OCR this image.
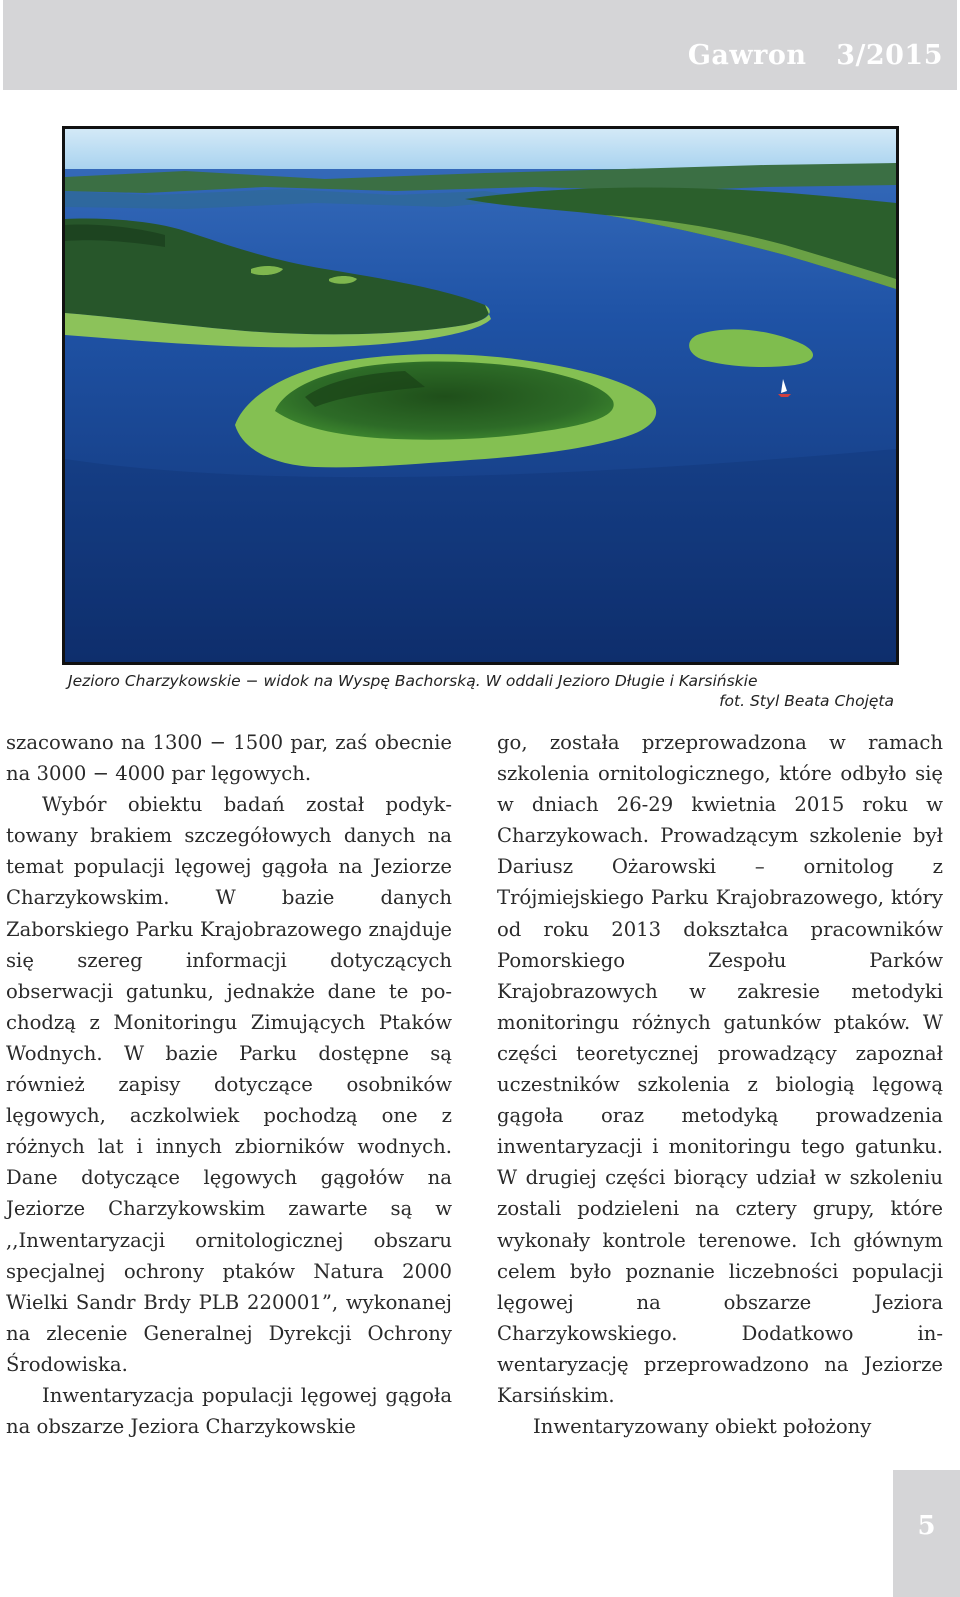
Gawron   3/2015
Jezioro Charzykowskie − widok na Wyspę Bachorską. W oddali Jezioro Długie i Karsińskie
fot. Styl Beata Chojęta

szacowano na 1300 − 1500 par, zaś obecnie na 3000 − 4000 par lęgowych.

Wybór obiektu badań został podyktowany brakiem szczegółowych danych na temat populacji lęgowej gągoła na Jeziorze Charzykowskim. W bazie danych Zaborskiego Parku Krajobrazowego znajduje się szereg informacji dotyczących obserwacji gatunku, jednakże dane te pochodzą z Monitoringu Zimujących Ptaków Wodnych. W bazie Parku dostępne są również zapisy dotyczące osobników lęgowych, aczkolwiek pochodzą one z różnych lat i innych zbiorników wodnych. Dane dotyczące lęgowych gągołów na Jeziorze Charzykowskim zawarte są w ,,Inwentaryzacji ornitologicznej obszaru specjalnej ochrony ptaków Natura 2000 Wielki Sandr Brdy PLB 220001”, wykonanej na zlecenie Generalnej Dyrekcji Ochrony Środowiska.

Inwentaryzacja populacji lęgowej gągoła na obszarze Jeziora Charzykowskie

go, została przeprowadzona w ramach szkolenia ornitologicznego, które odbyło się w dniach 26-29 kwietnia 2015 roku w Charzykowach. Prowadzącym szkolenie był Dariusz Ożarowski – ornitolog z Trójmiejskiego Parku Krajobrazowego, który od roku 2013 dokształca pracowników Pomorskiego Zespołu Parków Krajobrazowych w zakresie metodyki monitoringu różnych gatunków ptaków. W części teoretycznej prowadzący zapoznał uczestników szkolenia z biologią lęgową gągoła oraz metodyką prowadzenia inwentaryzacji i monitoringu tego gatunku. W drugiej części biorący udział w szkoleniu zostali podzieleni na cztery grupy, które wykonały kontrole terenowe. Ich głównym celem było poznanie liczebności populacji lęgowej na obszarze Jeziora Charzykowskiego. Dodatkowo inwentaryzację przeprowadzono na Jeziorze Karsińskim.

Inwentaryzowany obiekt położony

5
